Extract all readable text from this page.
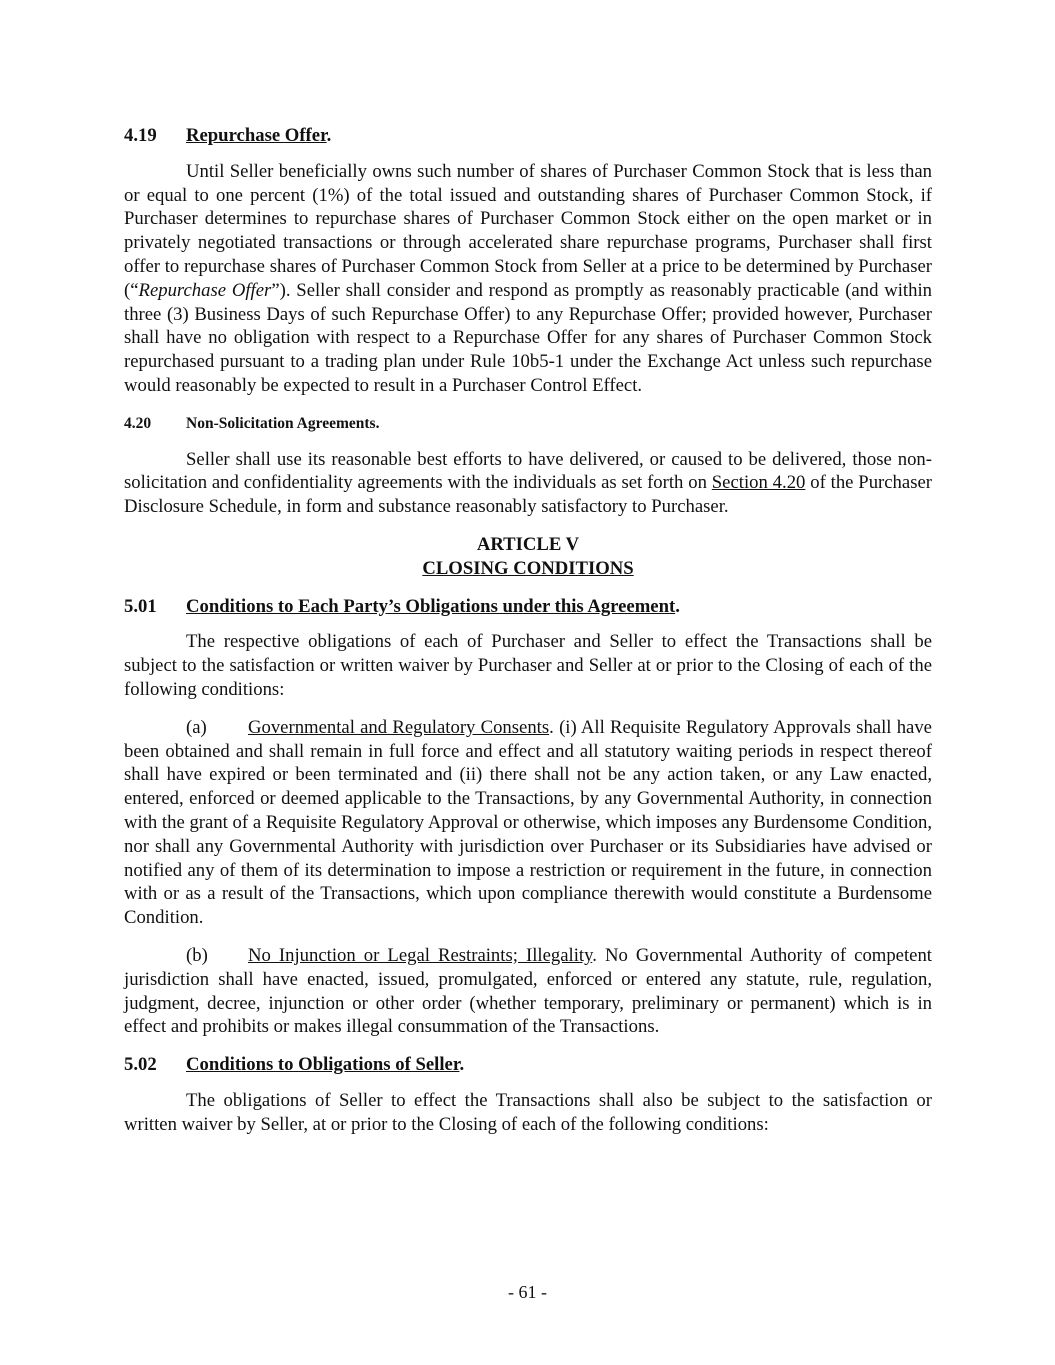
4.19 Repurchase Offer.

Until Seller beneficially owns such number of shares of Purchaser Common Stock that is less than or equal to one percent (1%) of the total issued and outstanding shares of Purchaser Common Stock, if Purchaser determines to repurchase shares of Purchaser Common Stock either on the open market or in privately negotiated transactions or through accelerated share repurchase programs, Purchaser shall first offer to repurchase shares of Purchaser Common Stock from Seller at a price to be determined by Purchaser (“Repurchase Offer”). Seller shall consider and respond as promptly as reasonably practicable (and within three (3) Business Days of such Repurchase Offer) to any Repurchase Offer; provided however, Purchaser shall have no obligation with respect to a Repurchase Offer for any shares of Purchaser Common Stock repurchased pursuant to a trading plan under Rule 10b5-1 under the Exchange Act unless such repurchase would reasonably be expected to result in a Purchaser Control Effect.

4.20 Non-Solicitation Agreements.

Seller shall use its reasonable best efforts to have delivered, or caused to be delivered, those non-solicitation and confidentiality agreements with the individuals as set forth on Section 4.20 of the Purchaser Disclosure Schedule, in form and substance reasonably satisfactory to Purchaser.

ARTICLE V
CLOSING CONDITIONS
5.01 Conditions to Each Party’s Obligations under this Agreement.

The respective obligations of each of Purchaser and Seller to effect the Transactions shall be subject to the satisfaction or written waiver by Purchaser and Seller at or prior to the Closing of each of the following conditions:

(a) Governmental and Regulatory Consents. (i) All Requisite Regulatory Approvals shall have been obtained and shall remain in full force and effect and all statutory waiting periods in respect thereof shall have expired or been terminated and (ii) there shall not be any action taken, or any Law enacted, entered, enforced or deemed applicable to the Transactions, by any Governmental Authority, in connection with the grant of a Requisite Regulatory Approval or otherwise, which imposes any Burdensome Condition, nor shall any Governmental Authority with jurisdiction over Purchaser or its Subsidiaries have advised or notified any of them of its determination to impose a restriction or requirement in the future, in connection with or as a result of the Transactions, which upon compliance therewith would constitute a Burdensome Condition.

(b) No Injunction or Legal Restraints; Illegality. No Governmental Authority of competent jurisdiction shall have enacted, issued, promulgated, enforced or entered any statute, rule, regulation, judgment, decree, injunction or other order (whether temporary, preliminary or permanent) which is in effect and prohibits or makes illegal consummation of the Transactions.

5.02 Conditions to Obligations of Seller.

The obligations of Seller to effect the Transactions shall also be subject to the satisfaction or written waiver by Seller, at or prior to the Closing of each of the following conditions:

- 61 -
